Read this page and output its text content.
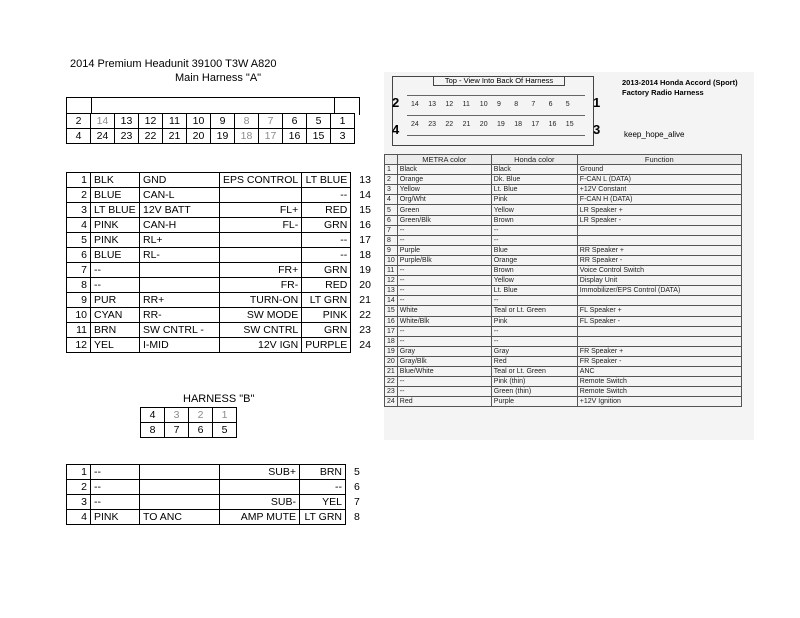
2014 Premium Headunit 39100 T3W A820
Main Harness "A"
2	14	13	12	11	10	9	8	7	6	5	1
4	24	23	22	21	20	19	18	17	16	15	3
1	BLK	GND	EPS CONTROL	LT BLUE	13
2	BLUE	CAN-L		--	14
3	LT BLUE	12V BATT	FL+	RED	15
4	PINK	CAN-H	FL-	GRN	16
5	PINK	RL+		--	17
6	BLUE	RL-		--	18
7	--		FR+	GRN	19
8	--		FR-	RED	20
9	PUR	RR+	TURN-ON	LT GRN	21
10	CYAN	RR-	SW MODE	PINK	22
11	BRN	SW CNTRL -	SW CNTRL	GRN	23
12	YEL	I-MID	12V IGN	PURPLE	24
HARNESS "B"
4	3	2	1
8	7	6	5
1	--		SUB+	BRN	5
2	--			--	6
3	--		SUB-	YEL	7
4	PINK	TO ANC	AMP MUTE	LT GRN	8
Top - View Into Back Of Harness
2
4
1
3
14 13 12 11 10 9 8 7 6 5
24 23 22 21 20 19 18 17 16 15
2013-2014 Honda Accord (Sport)
Factory Radio Harness
keep_hope_alive
	METRA color	Honda color	Function
1	Black	Black	Ground
2	Orange	Dk. Blue	F-CAN L (DATA)
3	Yellow	Lt. Blue	+12V Constant
4	Org/Wht	Pink	F-CAN H (DATA)
5	Green	Yellow	LR Speaker +
6	Green/Blk	Brown	LR Speaker -
7	--	--	
8	--	--	
9	Purple	Blue	RR Speaker +
10	Purple/Blk	Orange	RR Speaker -
11	--	Brown	Voice Control Switch
12	--	Yellow	Display Unit
13	--	Lt. Blue	Immobilizer/EPS Control (DATA)
14	--	--	
15	White	Teal or Lt. Green	FL Speaker +
16	White/Blk	Pink	FL Speaker -
17	--	--	
18	--	--	
19	Gray	Gray	FR Speaker +
20	Gray/Blk	Red	FR Speaker -
21	Blue/White	Teal or Lt. Green	ANC
22	--	Pink (thin)	Remote Switch
23	--	Green (thin)	Remote Switch
24	Red	Purple	+12V Ignition
